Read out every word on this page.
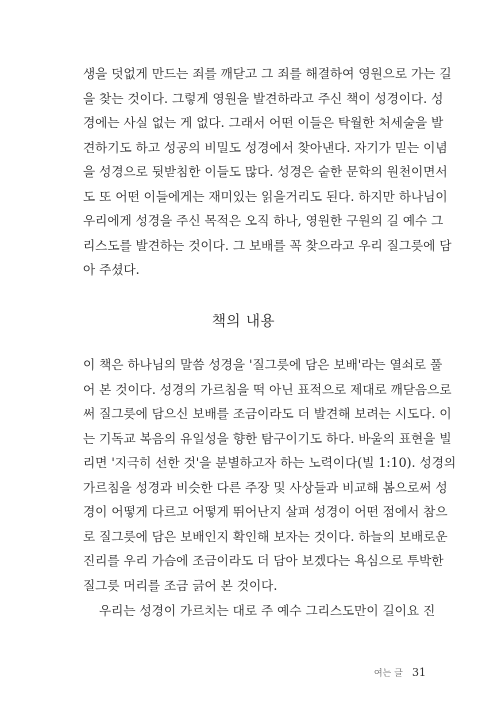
생을 덧없게 만드는 죄를 깨닫고 그 죄를 해결하여 영원으로 가는 길
을 찾는 것이다. 그렇게 영원을 발견하라고 주신 책이 성경이다. 성
경에는 사실 없는 게 없다. 그래서 어떤 이들은 탁월한 처세술을 발
견하기도 하고 성공의 비밀도 성경에서 찾아낸다. 자기가 믿는 이념
을 성경으로 뒷받침한 이들도 많다. 성경은 숱한 문학의 원천이면서
도 또 어떤 이들에게는 재미있는 읽을거리도 된다. 하지만 하나님이
우리에게 성경을 주신 목적은 오직 하나, 영원한 구원의 길 예수 그
리스도를 발견하는 것이다. 그 보배를 꼭 찾으라고 우리 질그릇에 담
아 주셨다.
책의 내용
이 책은 하나님의 말씀 성경을 '질그릇에 담은 보배'라는 열쇠로 풀
어 본 것이다. 성경의 가르침을 떡 아닌 표적으로 제대로 깨닫음으로
써 질그릇에 담으신 보배를 조금이라도 더 발견해 보려는 시도다. 이
는 기독교 복음의 유일성을 향한 탐구이기도 하다. 바울의 표현을 빌
리면 '지극히 선한 것'을 분별하고자 하는 노력이다(빌 1:10). 성경의
가르침을 성경과 비슷한 다른 주장 및 사상들과 비교해 봄으로써 성
경이 어떻게 다르고 어떻게 뛰어난지 살펴 성경이 어떤 점에서 참으
로 질그릇에 담은 보배인지 확인해 보자는 것이다. 하늘의 보배로운
진리를 우리 가슴에 조금이라도 더 담아 보겠다는 욕심으로 투박한
질그릇 머리를 조금 긁어 본 것이다.
우리는 성경이 가르치는 대로 주 예수 그리스도만이 길이요 진
여는 글 31
